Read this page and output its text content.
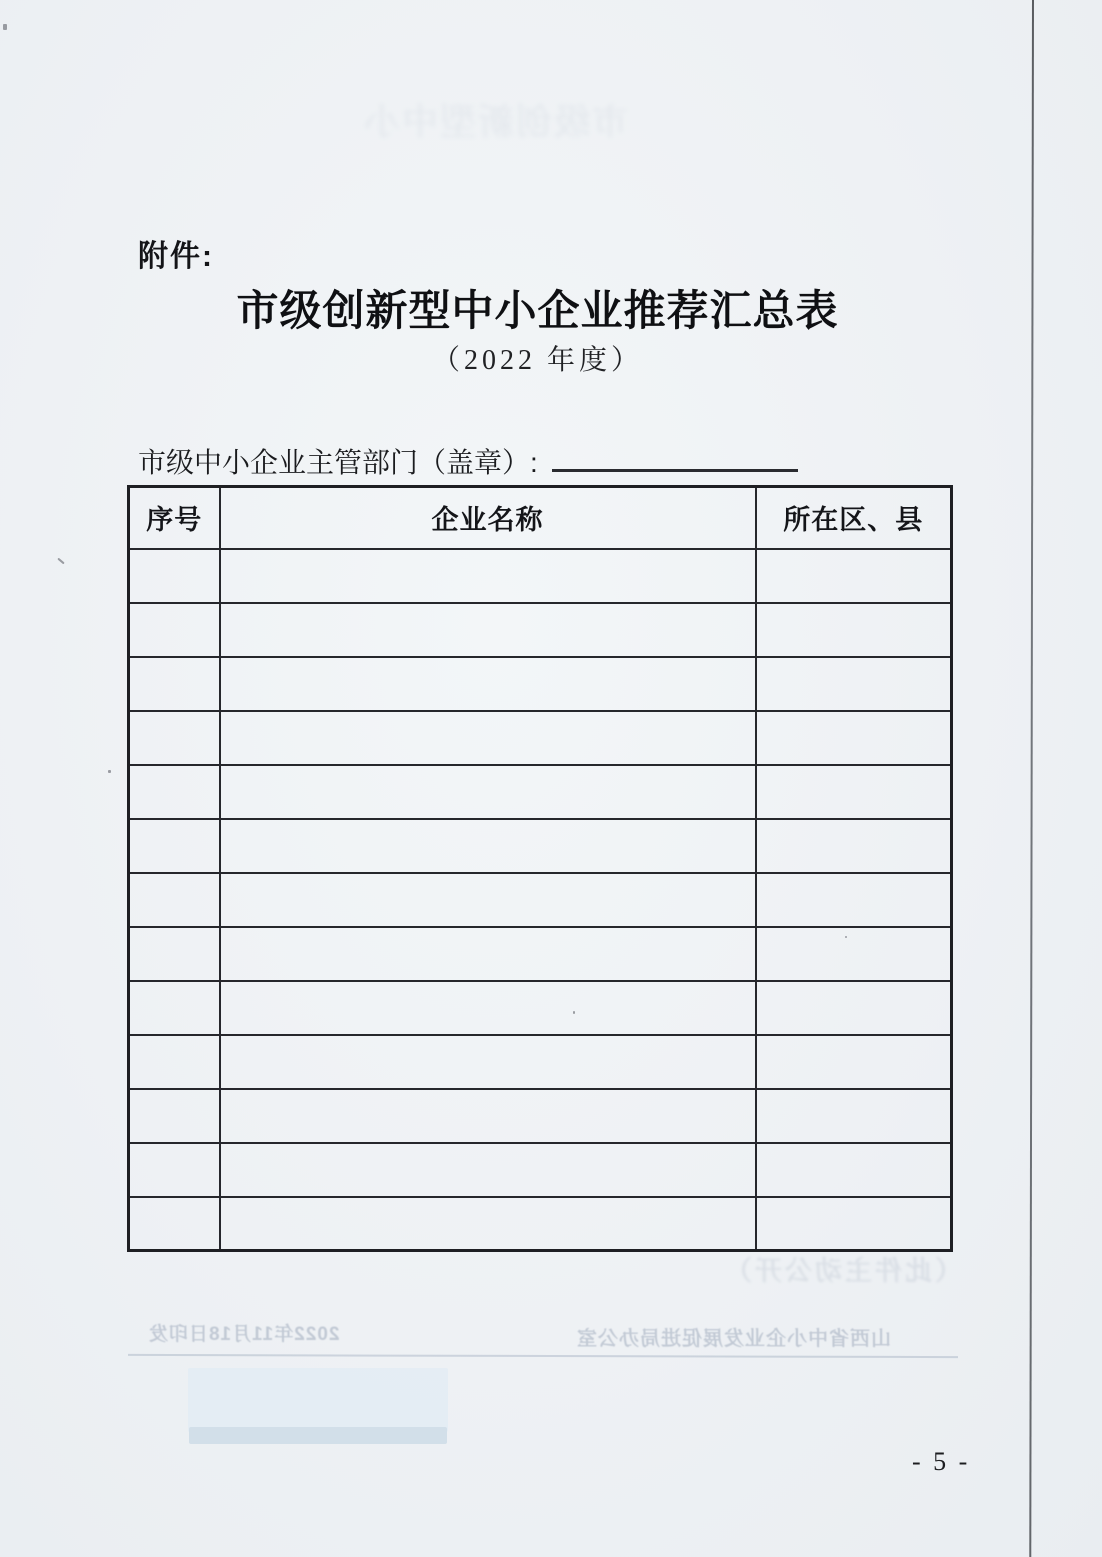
市级创新型中小
附件:
市级创新型中小企业推荐汇总表
（2022 年度）
市级中小企业主管部门（盖章）:
序号	企业名称	所在区、县

（此件主动公开）
山西省中小企业发展促进局办公室
2022年11月18日印发
- 5 -
